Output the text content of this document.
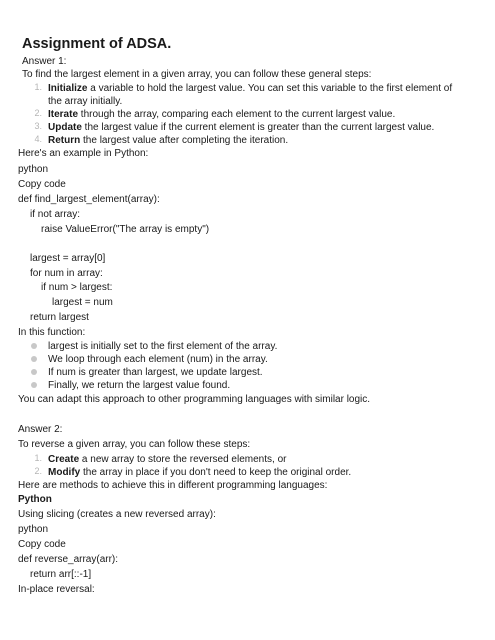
Assignment of ADSA.
Answer 1:
To find the largest element in a given array, you can follow these general steps:
1. Initialize a variable to hold the largest value. You can set this variable to the first element of
the array initially.
2. Iterate through the array, comparing each element to the current largest value.
3. Update the largest value if the current element is greater than the current largest value.
4. Return the largest value after completing the iteration.
Here's an example in Python:
python
Copy code
def find_largest_element(array):
if not array:
raise ValueError("The array is empty")
largest = array[0]
for num in array:
if num > largest:
largest = num
return largest
In this function:
largest is initially set to the first element of the array.
We loop through each element (num) in the array.
If num is greater than largest, we update largest.
Finally, we return the largest value found.
You can adapt this approach to other programming languages with similar logic.
Answer 2:
To reverse a given array, you can follow these steps:
1. Create a new array to store the reversed elements, or
2. Modify the array in place if you don't need to keep the original order.
Here are methods to achieve this in different programming languages:
Python
Using slicing (creates a new reversed array):
python
Copy code
def reverse_array(arr):
return arr[::-1]
In-place reversal:
